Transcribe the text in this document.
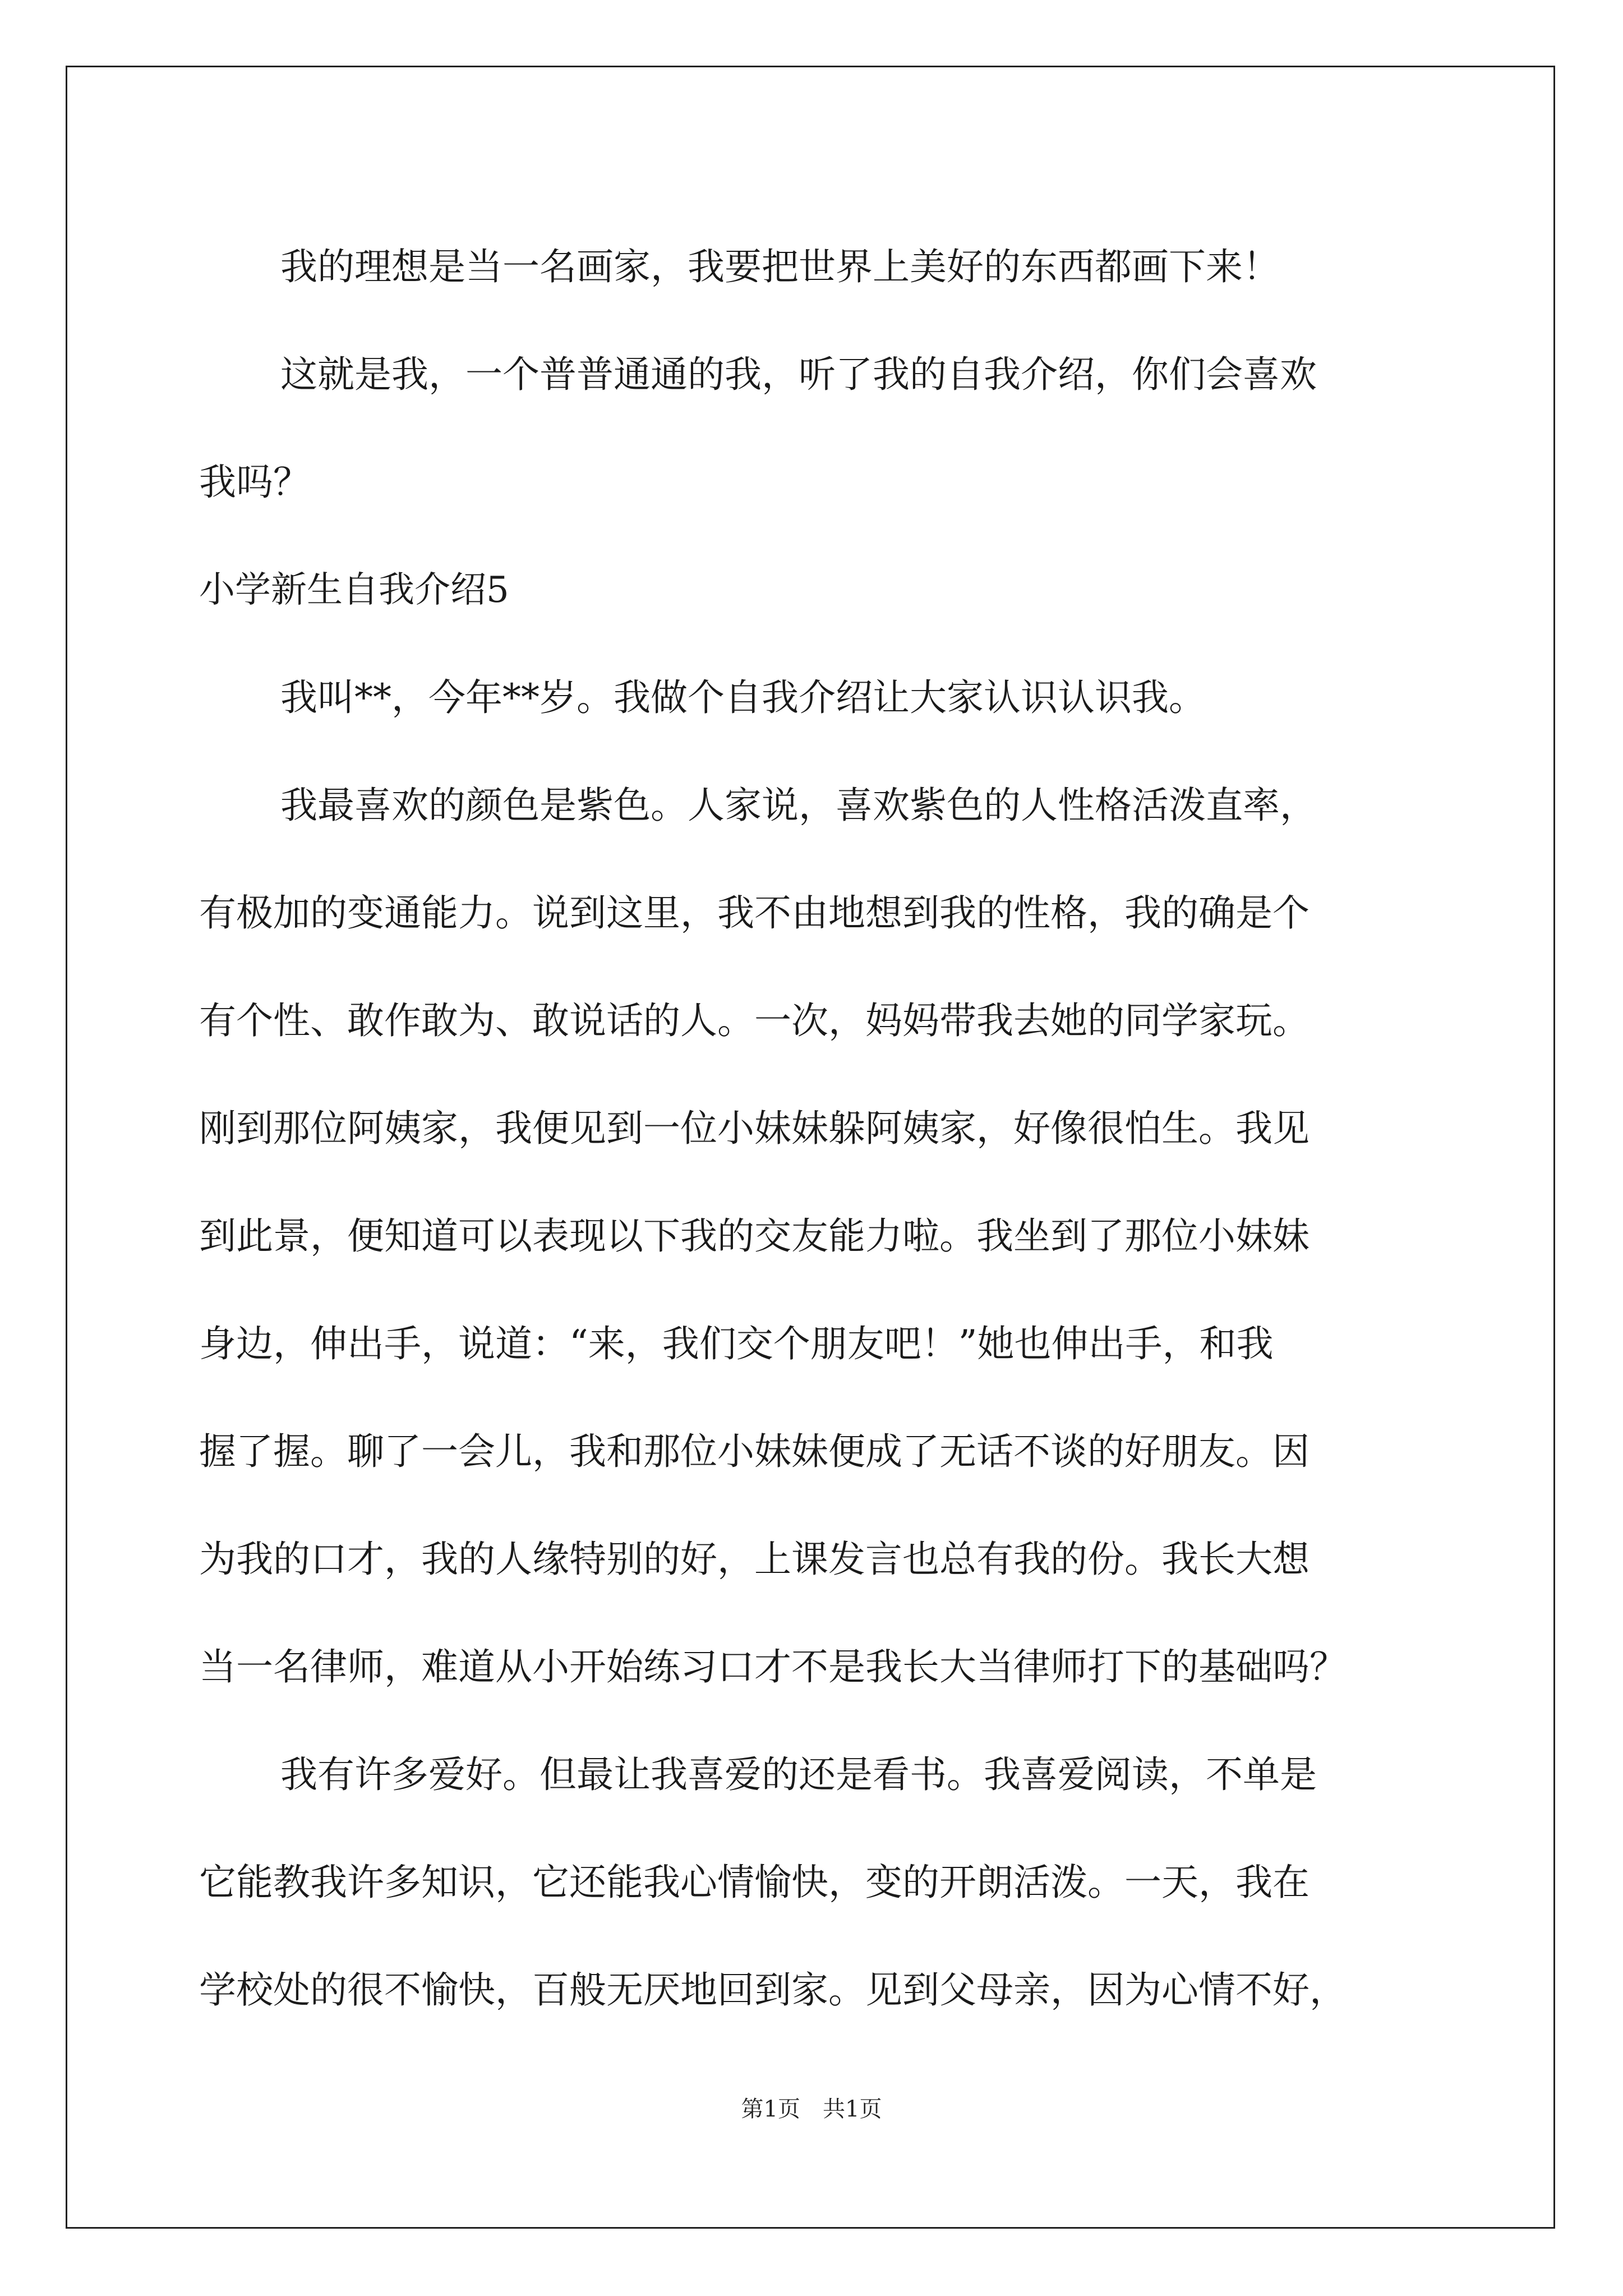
我的理想是当一名画家，我要把世界上美好的东西都画下来！
这就是我，一个普普通通的我，听了我的自我介绍，你们会喜欢
我吗？
小学新生自我介绍5
我叫**，今年**岁。我做个自我介绍让大家认识认识我。
我最喜欢的颜色是紫色。人家说，喜欢紫色的人性格活泼直率，
有极加的变通能力。说到这里，我不由地想到我的性格，我的确是个
有个性、敢作敢为、敢说话的人。一次，妈妈带我去她的同学家玩。
刚到那位阿姨家，我便见到一位小妹妹躲阿姨家，好像很怕生。我见
到此景，便知道可以表现以下我的交友能力啦。我坐到了那位小妹妹
身边，伸出手，说道：“来，我们交个朋友吧！”她也伸出手，和我
握了握。聊了一会儿，我和那位小妹妹便成了无话不谈的好朋友。因
为我的口才，我的人缘特别的好，上课发言也总有我的份。我长大想
当一名律师，难道从小开始练习口才不是我长大当律师打下的基础吗？
我有许多爱好。但最让我喜爱的还是看书。我喜爱阅读，不单是
它能教我许多知识，它还能我心情愉快，变的开朗活泼。一天，我在
学校处的很不愉快，百般无厌地回到家。见到父母亲，因为心情不好，
第1页　共1页
